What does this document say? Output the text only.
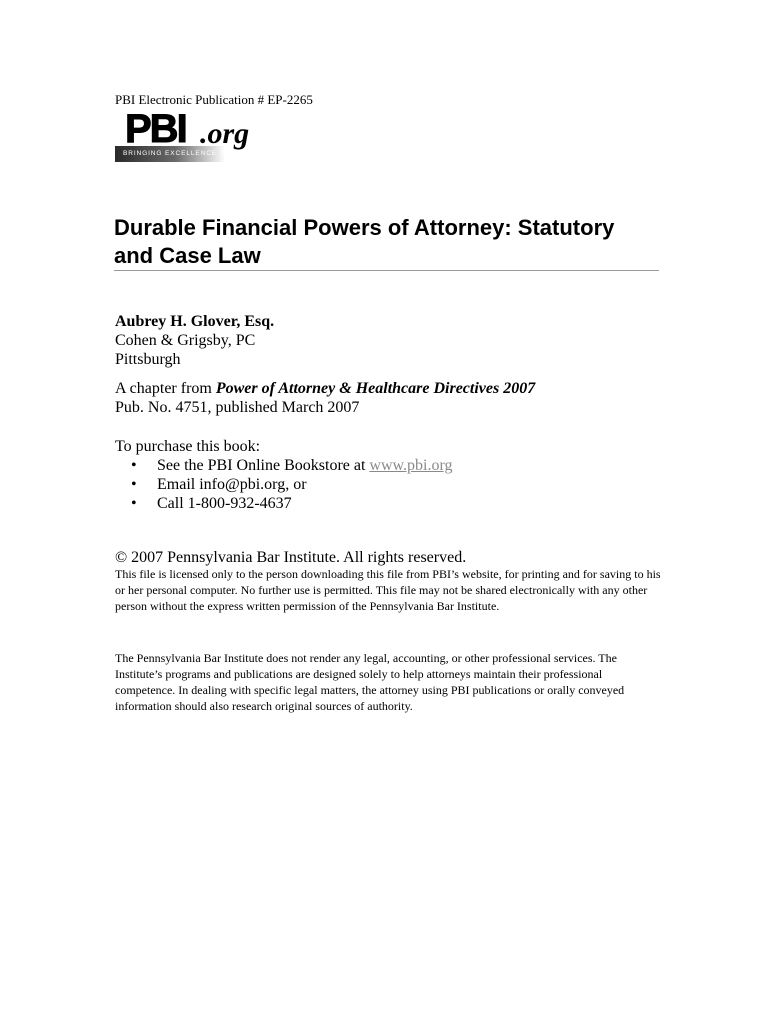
PBI Electronic Publication # EP-2265
PBI .org
BRINGING EXCELLENCE TO CLE
Durable Financial Powers of Attorney: Statutory
and Case Law
Aubrey H. Glover, Esq.
Cohen & Grigsby, PC
Pittsburgh
A chapter from Power of Attorney & Healthcare Directives 2007
Pub. No. 4751, published March 2007
To purchase this book:
• See the PBI Online Bookstore at www.pbi.org
• Email info@pbi.org, or
• Call 1-800-932-4637
© 2007 Pennsylvania Bar Institute. All rights reserved.

This file is licensed only to the person downloading this file from PBI’s website, for printing and for saving to his or her personal computer. No further use is permitted. This file may not be shared electronically with any other person without the express written permission of the Pennsylvania Bar Institute.

The Pennsylvania Bar Institute does not render any legal, accounting, or other professional services. The Institute’s programs and publications are designed solely to help attorneys maintain their professional competence. In dealing with specific legal matters, the attorney using PBI publications or orally conveyed information should also research original sources of authority.
